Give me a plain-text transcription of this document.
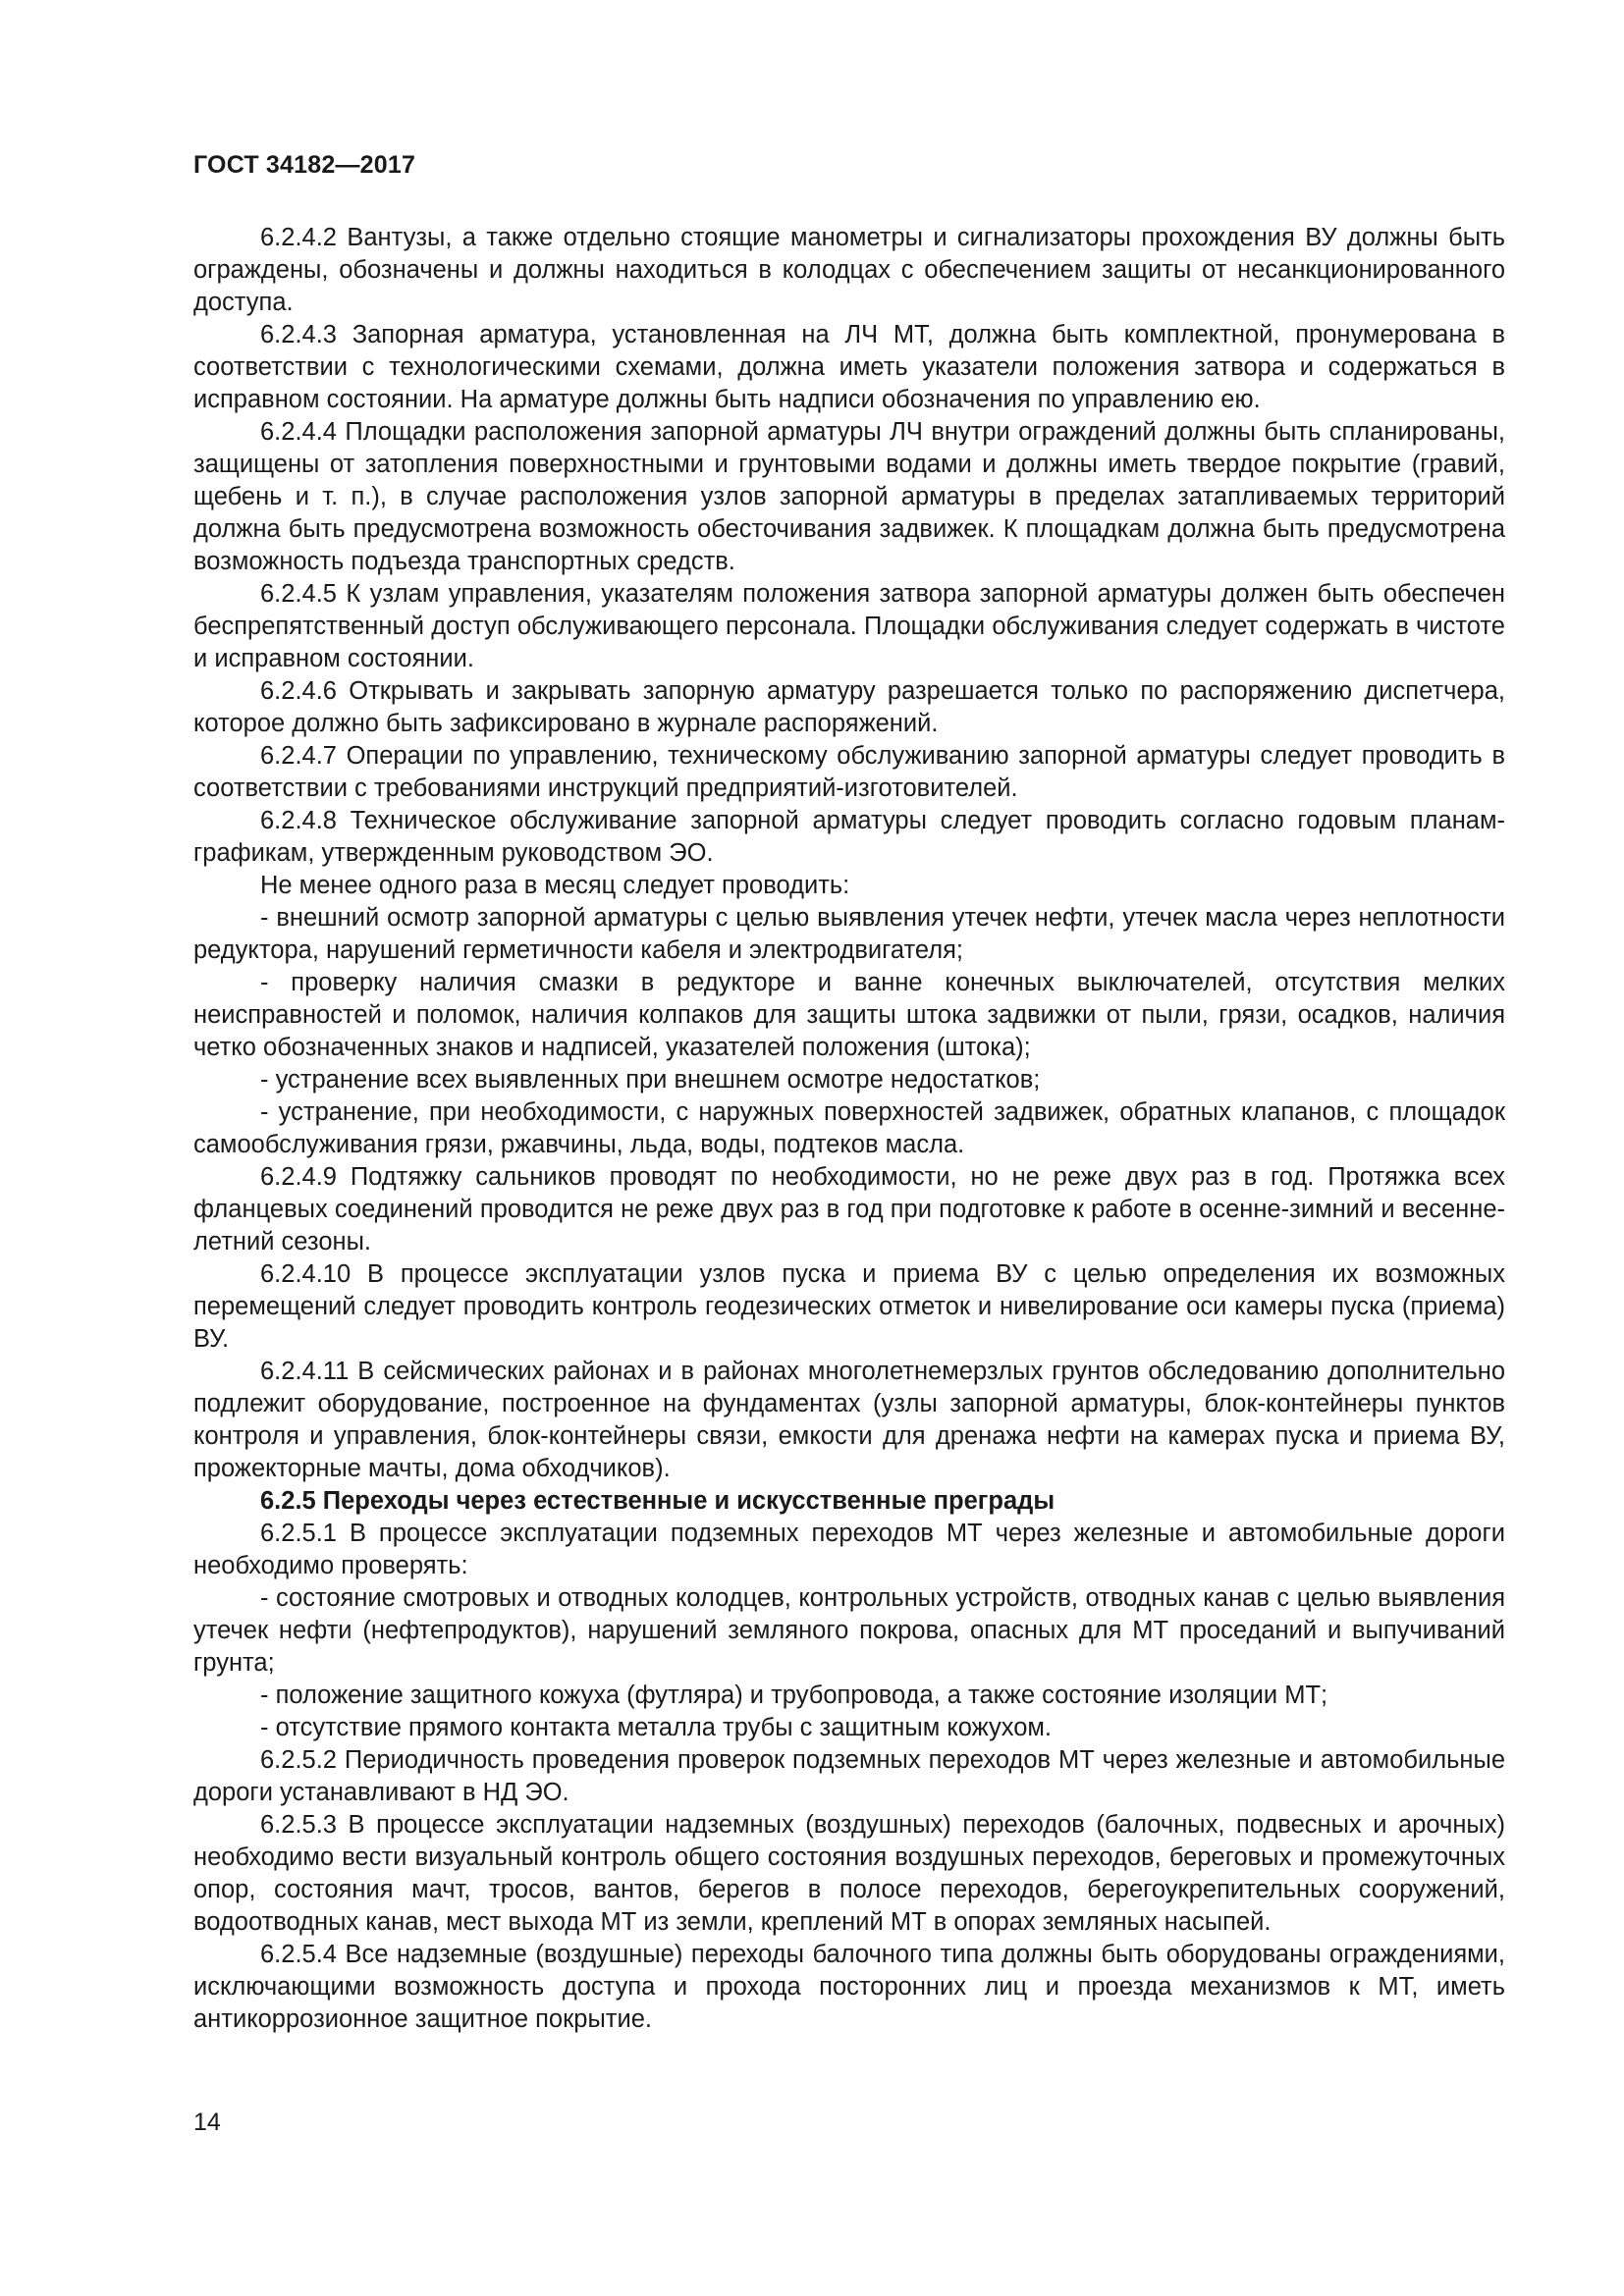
ГОСТ 34182—2017

6.2.4.2 Вантузы, а также отдельно стоящие манометры и сигнализаторы прохождения ВУ должны быть ограждены, обозначены и должны находиться в колодцах с обеспечением защиты от несанкционированного доступа.

6.2.4.3 Запорная арматура, установленная на ЛЧ МТ, должна быть комплектной, пронумерована в соответствии с технологическими схемами, должна иметь указатели положения затвора и содержаться в исправном состоянии. На арматуре должны быть надписи обозначения по управлению ею.

6.2.4.4 Площадки расположения запорной арматуры ЛЧ внутри ограждений должны быть спланированы, защищены от затопления поверхностными и грунтовыми водами и должны иметь твердое покрытие (гравий, щебень и т. п.), в случае расположения узлов запорной арматуры в пределах затапливаемых территорий должна быть предусмотрена возможность обесточивания задвижек. К площадкам должна быть предусмотрена возможность подъезда транспортных средств.

6.2.4.5 К узлам управления, указателям положения затвора запорной арматуры должен быть обеспечен беспрепятственный доступ обслуживающего персонала. Площадки обслуживания следует содержать в чистоте и исправном состоянии.

6.2.4.6 Открывать и закрывать запорную арматуру разрешается только по распоряжению диспетчера, которое должно быть зафиксировано в журнале распоряжений.

6.2.4.7 Операции по управлению, техническому обслуживанию запорной арматуры следует проводить в соответствии с требованиями инструкций предприятий-изготовителей.

6.2.4.8 Техническое обслуживание запорной арматуры следует проводить согласно годовым планам-графикам, утвержденным руководством ЭО.

Не менее одного раза в месяц следует проводить:

- внешний осмотр запорной арматуры с целью выявления утечек нефти, утечек масла через неплотности редуктора, нарушений герметичности кабеля и электродвигателя;

- проверку наличия смазки в редукторе и ванне конечных выключателей, отсутствия мелких неисправностей и поломок, наличия колпаков для защиты штока задвижки от пыли, грязи, осадков, наличия четко обозначенных знаков и надписей, указателей положения (штока);

- устранение всех выявленных при внешнем осмотре недостатков;

- устранение, при необходимости, с наружных поверхностей задвижек, обратных клапанов, с площадок самообслуживания грязи, ржавчины, льда, воды, подтеков масла.

6.2.4.9 Подтяжку сальников проводят по необходимости, но не реже двух раз в год. Протяжка всех фланцевых соединений проводится не реже двух раз в год при подготовке к работе в осенне-зимний и весенне-летний сезоны.

6.2.4.10 В процессе эксплуатации узлов пуска и приема ВУ с целью определения их возможных перемещений следует проводить контроль геодезических отметок и нивелирование оси камеры пуска (приема) ВУ.

6.2.4.11 В сейсмических районах и в районах многолетнемерзлых грунтов обследованию дополнительно подлежит оборудование, построенное на фундаментах (узлы запорной арматуры, блок-контейнеры пунктов контроля и управления, блок-контейнеры связи, емкости для дренажа нефти на камерах пуска и приема ВУ, прожекторные мачты, дома обходчиков).

6.2.5 Переходы через естественные и искусственные преграды

6.2.5.1 В процессе эксплуатации подземных переходов МТ через железные и автомобильные дороги необходимо проверять:

- состояние смотровых и отводных колодцев, контрольных устройств, отводных канав с целью выявления утечек нефти (нефтепродуктов), нарушений земляного покрова, опасных для МТ проседаний и выпучиваний грунта;

- положение защитного кожуха (футляра) и трубопровода, а также состояние изоляции МТ;

- отсутствие прямого контакта металла трубы с защитным кожухом.

6.2.5.2 Периодичность проведения проверок подземных переходов МТ через железные и автомобильные дороги устанавливают в НД ЭО.

6.2.5.3 В процессе эксплуатации надземных (воздушных) переходов (балочных, подвесных и арочных) необходимо вести визуальный контроль общего состояния воздушных переходов, береговых и промежуточных опор, состояния мачт, тросов, вантов, берегов в полосе переходов, берегоукрепительных сооружений, водоотводных канав, мест выхода МТ из земли, креплений МТ в опорах земляных насыпей.

6.2.5.4 Все надземные (воздушные) переходы балочного типа должны быть оборудованы ограждениями, исключающими возможность доступа и прохода посторонних лиц и проезда механизмов к МТ, иметь антикоррозионное защитное покрытие.

14
